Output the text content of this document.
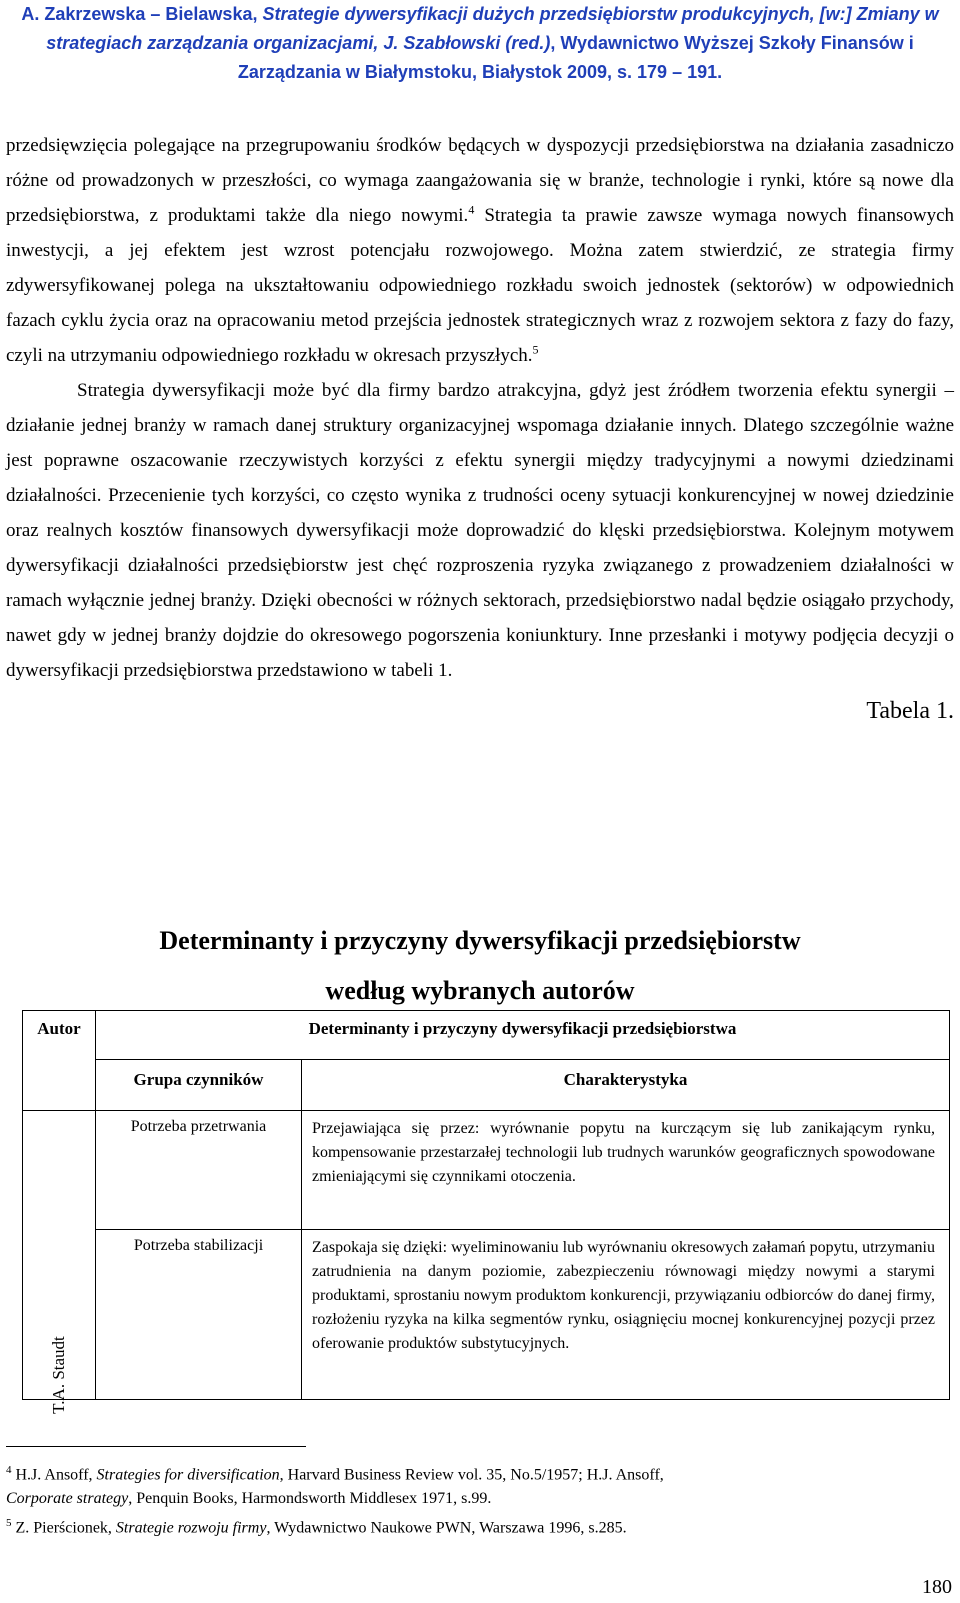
A. Zakrzewska – Bielawska, Strategie dywersyfikacji dużych przedsiębiorstw produkcyjnych, [w:] Zmiany w
strategiach zarządzania organizacjami, J. Szabłowski (red.), Wydawnictwo Wyższej Szkoły Finansów i
Zarządzania w Białymstoku, Białystok 2009, s. 179 – 191.

przedsięwzięcia polegające na przegrupowaniu środków będących w dyspozycji przedsiębiorstwa na działania zasadniczo różne od prowadzonych w przeszłości, co wymaga zaangażowania się w branże, technologie i rynki, które są nowe dla przedsiębiorstwa, z produktami także dla niego nowymi.$^4$ Strategia ta prawie zawsze wymaga nowych finansowych inwestycji, a jej efektem jest wzrost potencjału rozwojowego. Można zatem stwierdzić, ze strategia firmy zdywersyfikowanej polega na ukształtowaniu odpowiedniego rozkładu swoich jednostek (sektorów) w odpowiednich fazach cyklu życia oraz na opracowaniu metod przejścia jednostek strategicznych wraz z rozwojem sektora z fazy do fazy, czyli na utrzymaniu odpowiedniego rozkładu w okresach przyszłych.$^5$

Strategia dywersyfikacji może być dla firmy bardzo atrakcyjna, gdyż jest źródłem tworzenia efektu synergii – działanie jednej branży w ramach danej struktury organizacyjnej wspomaga działanie innych. Dlatego szczególnie ważne jest poprawne oszacowanie rzeczywistych korzyści z efektu synergii między tradycyjnymi a nowymi dziedzinami działalności. Przecenienie tych korzyści, co często wynika z trudności oceny sytuacji konkurencyjnej w nowej dziedzinie oraz realnych kosztów finansowych dywersyfikacji może doprowadzić do klęski przedsiębiorstwa. Kolejnym motywem dywersyfikacji działalności przedsiębiorstw jest chęć rozproszenia ryzyka związanego z prowadzeniem działalności w ramach wyłącznie jednej branży. Dzięki obecności w różnych sektorach, przedsiębiorstwo nadal będzie osiągało przychody, nawet gdy w jednej branży dojdzie do okresowego pogorszenia koniunktury. Inne przesłanki i motywy podjęcia decyzji o dywersyfikacji przedsiębiorstwa przedstawiono w tabeli 1.

Tabela 1.

Determinanty i przyczyny dywersyfikacji przedsiębiorstw
według wybranych autorów
Autor	Determinanty i przyczyny dywersyfikacji przedsiębiorstwa	
	Grupa czynników	Charakterystyka

T.A. Staudt	Potrzeba przetrwania	Przejawiająca się przez: wyrównanie popytu na kurczącym się lub zanikającym rynku, kompensowanie przestarzałej technologii lub trudnych warunków geograficznych spowodowane zmieniającymi się czynnikami otoczenia.
	Potrzeba stabilizacji	Zaspokaja się dzięki: wyeliminowaniu lub wyrównaniu okresowych załamań popytu, utrzymaniu zatrudnienia na danym poziomie, zabezpieczeniu równowagi między nowymi a starymi produktami, sprostaniu nowym produktom konkurencji, przywiązaniu odbiorców do danej firmy, rozłożeniu ryzyka na kilka segmentów rynku, osiągnięciu mocnej konkurencyjnej pozycji przez oferowanie produktów substytucyjnych.

$^4$ H.J. Ansoff, Strategies for diversification, Harvard Business Review vol. 35, No.5/1957; H.J. Ansoff,
Corporate strategy, Penquin Books, Harmondsworth Middlesex 1971, s.99.

$^5$ Z. Pierścionek, Strategie rozwoju firmy, Wydawnictwo Naukowe PWN, Warszawa 1996, s.285.

180
